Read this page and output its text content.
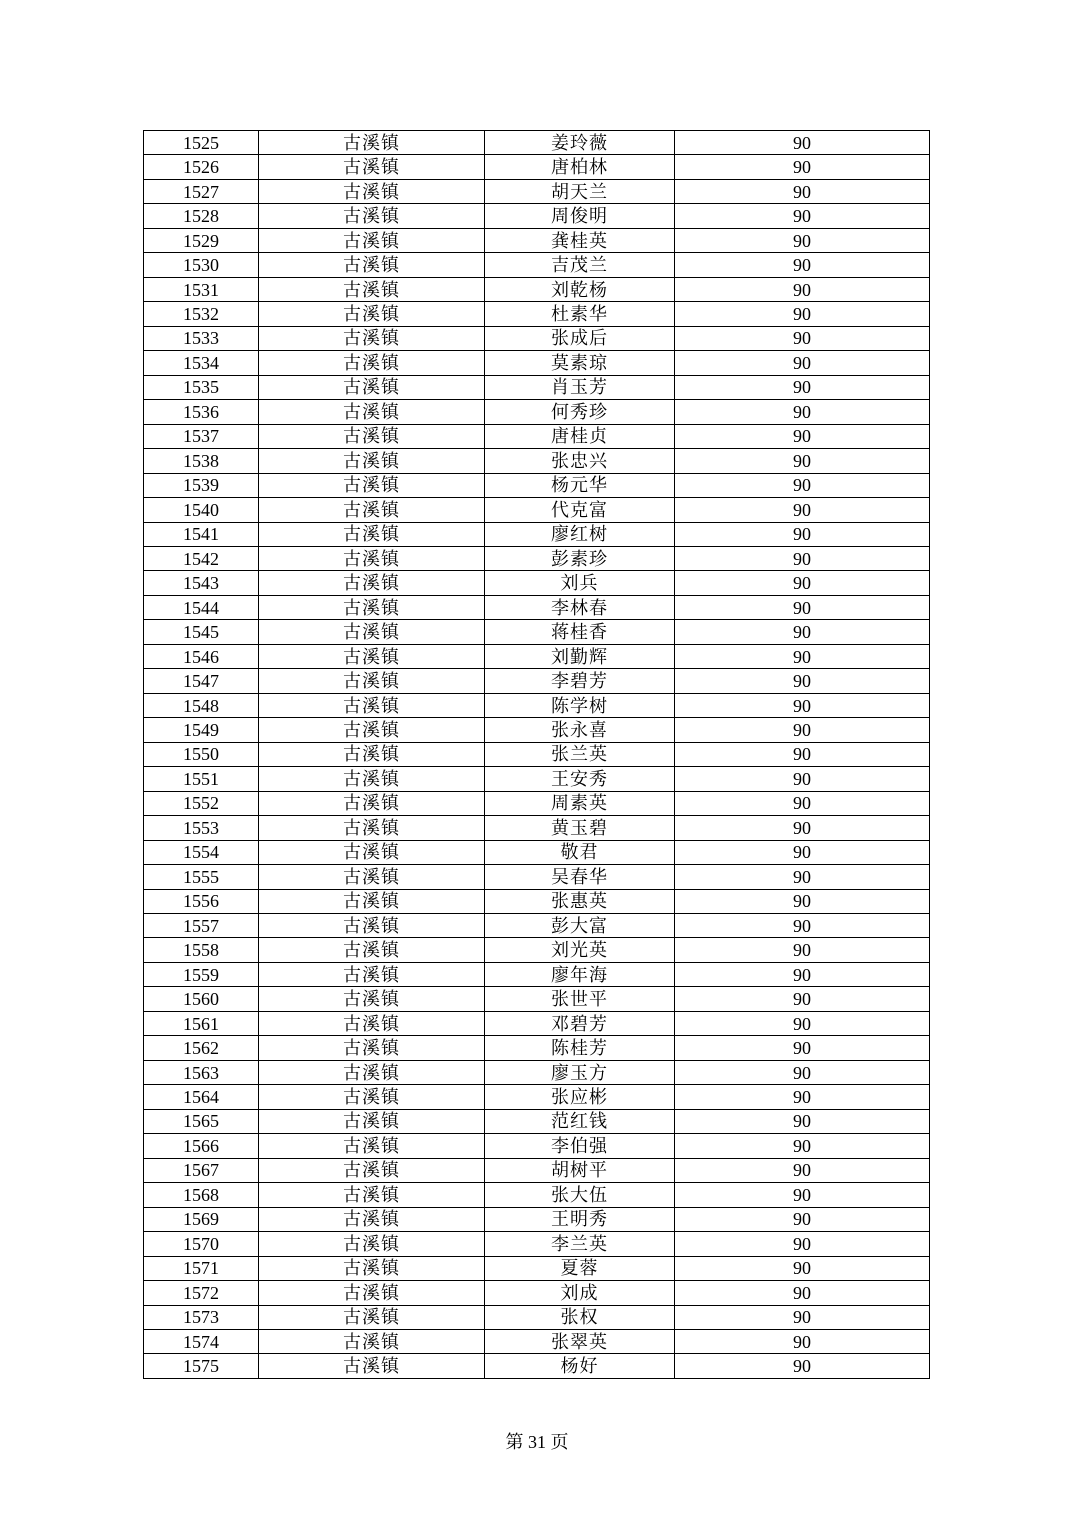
1525	古溪镇	姜玲薇	90
1526	古溪镇	唐柏林	90
1527	古溪镇	胡天兰	90
1528	古溪镇	周俊明	90
1529	古溪镇	龚桂英	90
1530	古溪镇	吉茂兰	90
1531	古溪镇	刘乾杨	90
1532	古溪镇	杜素华	90
1533	古溪镇	张成后	90
1534	古溪镇	莫素琼	90
1535	古溪镇	肖玉芳	90
1536	古溪镇	何秀珍	90
1537	古溪镇	唐桂贞	90
1538	古溪镇	张忠兴	90
1539	古溪镇	杨元华	90
1540	古溪镇	代克富	90
1541	古溪镇	廖红树	90
1542	古溪镇	彭素珍	90
1543	古溪镇	刘兵	90
1544	古溪镇	李林春	90
1545	古溪镇	蒋桂香	90
1546	古溪镇	刘勤辉	90
1547	古溪镇	李碧芳	90
1548	古溪镇	陈学树	90
1549	古溪镇	张永喜	90
1550	古溪镇	张兰英	90
1551	古溪镇	王安秀	90
1552	古溪镇	周素英	90
1553	古溪镇	黄玉碧	90
1554	古溪镇	敬君	90
1555	古溪镇	吴春华	90
1556	古溪镇	张惠英	90
1557	古溪镇	彭大富	90
1558	古溪镇	刘光英	90
1559	古溪镇	廖年海	90
1560	古溪镇	张世平	90
1561	古溪镇	邓碧芳	90
1562	古溪镇	陈桂芳	90
1563	古溪镇	廖玉方	90
1564	古溪镇	张应彬	90
1565	古溪镇	范红钱	90
1566	古溪镇	李伯强	90
1567	古溪镇	胡树平	90
1568	古溪镇	张大伍	90
1569	古溪镇	王明秀	90
1570	古溪镇	李兰英	90
1571	古溪镇	夏蓉	90
1572	古溪镇	刘成	90
1573	古溪镇	张权	90
1574	古溪镇	张翠英	90
1575	古溪镇	杨好	90
第 31 页
